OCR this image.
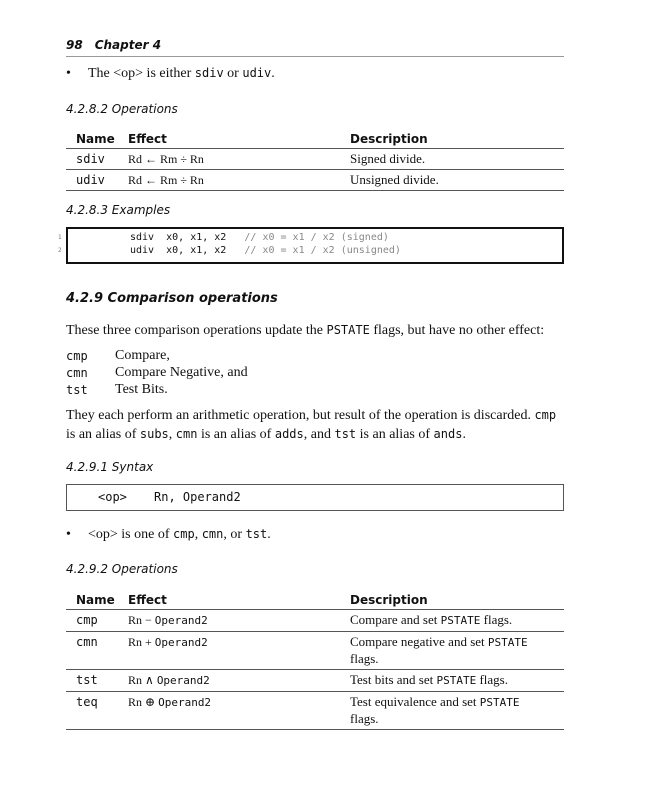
98 Chapter 4
• The <op> is either sdiv or udiv.
4.2.8.2 Operations
Name	Effect	Description
sdiv	Rd ← Rm ÷ Rn	Signed divide.
udiv	Rd ← Rm ÷ Rn	Unsigned divide.
4.2.8.3 Examples
1
2
sdiv  x0, x1, x2 // x0 = x1 / x2 (signed)
udiv  x0, x1, x2 // x0 = x1 / x2 (unsigned)
4.2.9 Comparison operations
These three comparison operations update the PSTATE flags, but have no other effect:
cmp Compare,
cmn Compare Negative, and
tst Test Bits.
They each perform an arithmetic operation, but result of the operation is discarded. cmp is an alias of subs, cmn is an alias of adds, and tst is an alias of ands.
4.2.9.1 Syntax
<op> Rn, Operand2
• <op> is one of cmp, cmn, or tst.
4.2.9.2 Operations
Name	Effect	Description
cmp	Rn − Operand2	Compare and set PSTATE flags.
cmn	Rn + Operand2	Compare negative and set PSTATE
flags.
tst	Rn ∧ Operand2	Test bits and set PSTATE flags.
teq	Rn ⊕ Operand2	Test equivalence and set PSTATE
flags.
